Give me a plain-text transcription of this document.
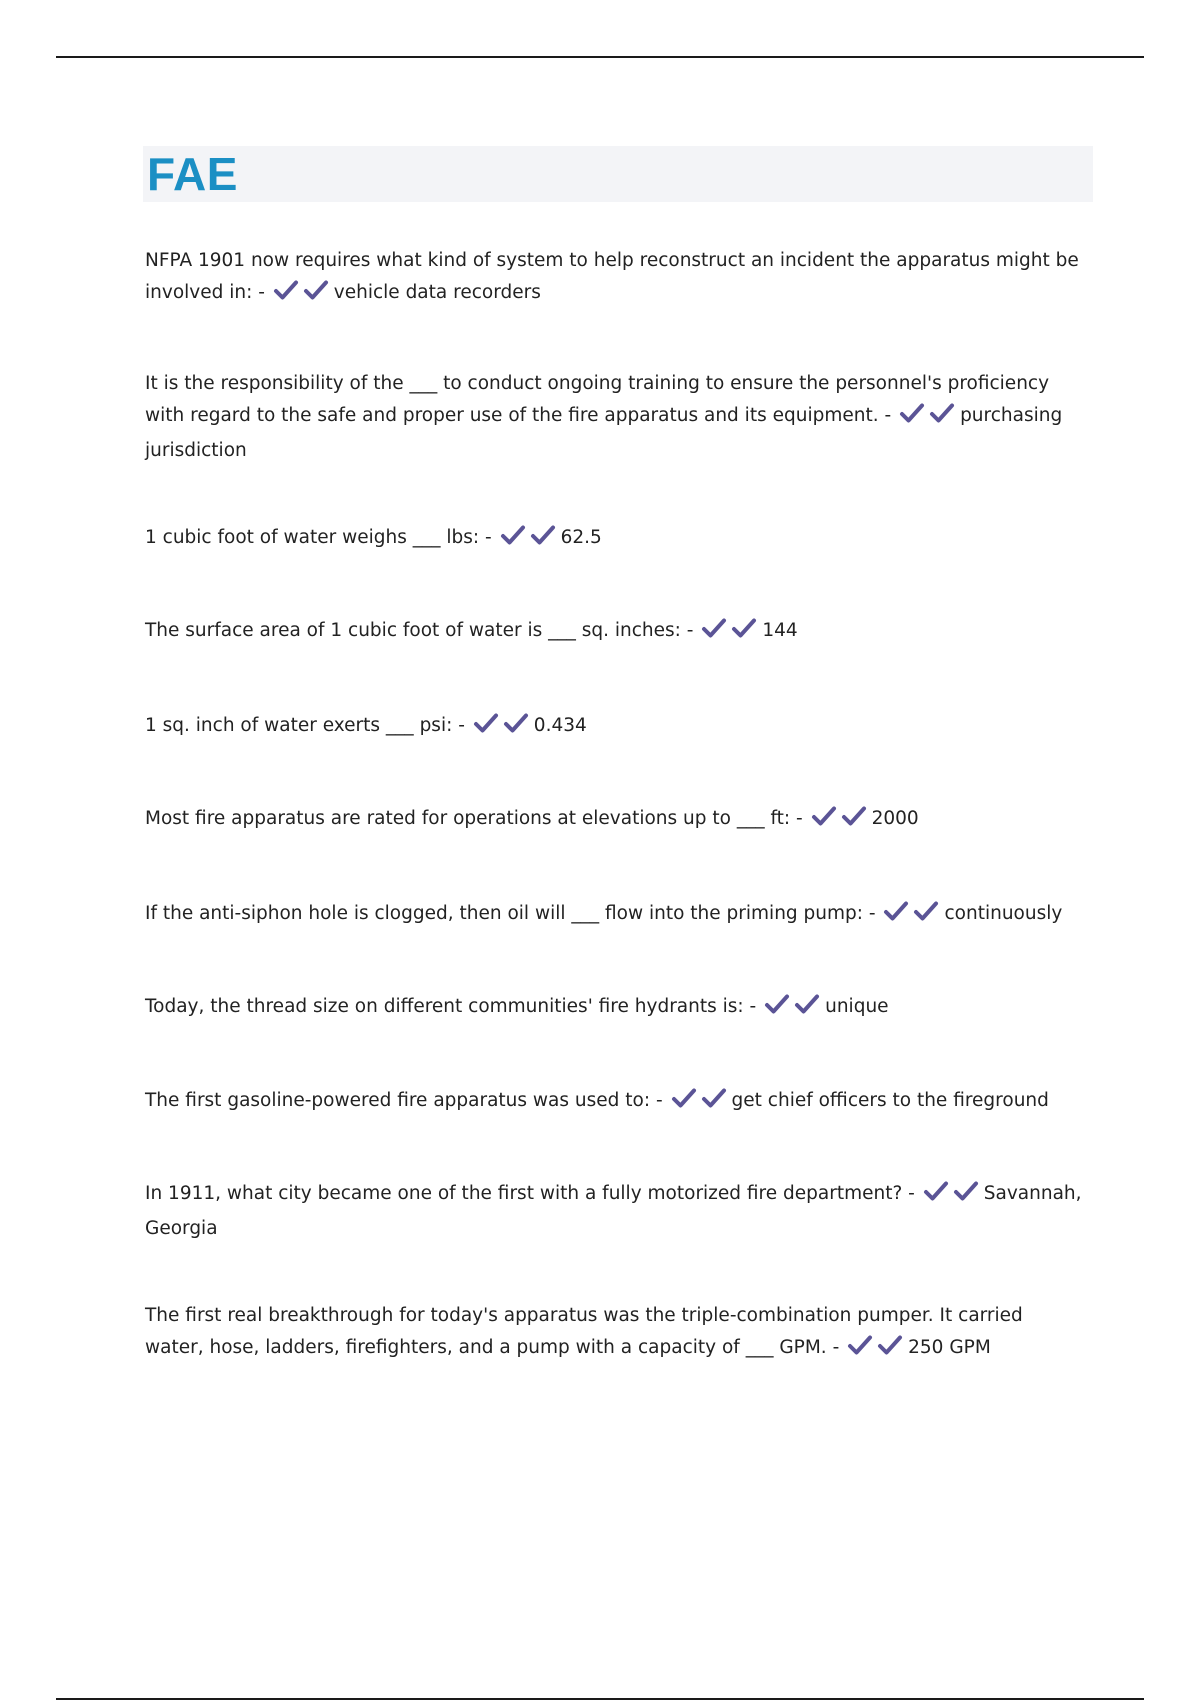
FAE

NFPA 1901 now requires what kind of system to help reconstruct an incident the apparatus might be involved in: -	vehicle data recorders

It is the responsibility of the ___ to conduct ongoing training to ensure the personnel's proficiency with regard to the safe and proper use of the fire apparatus and its equipment. -	purchasing jurisdiction

1 cubic foot of water weighs ___ lbs: -	62.5

The surface area of 1 cubic foot of water is ___ sq. inches: -	144

1 sq. inch of water exerts ___ psi: -	0.434

Most fire apparatus are rated for operations at elevations up to ___ ft: -	2000

If the anti-siphon hole is clogged, then oil will ___ flow into the priming pump: -	continuously

Today, the thread size on different communities' fire hydrants is: -	unique

The first gasoline-powered fire apparatus was used to: -	get chief officers to the fireground

In 1911, what city became one of the first with a fully motorized fire department? -	Savannah, Georgia

The first real breakthrough for today's apparatus was the triple-combination pumper. It carried water, hose, ladders, firefighters, and a pump with a capacity of ___ GPM. -	250 GPM
